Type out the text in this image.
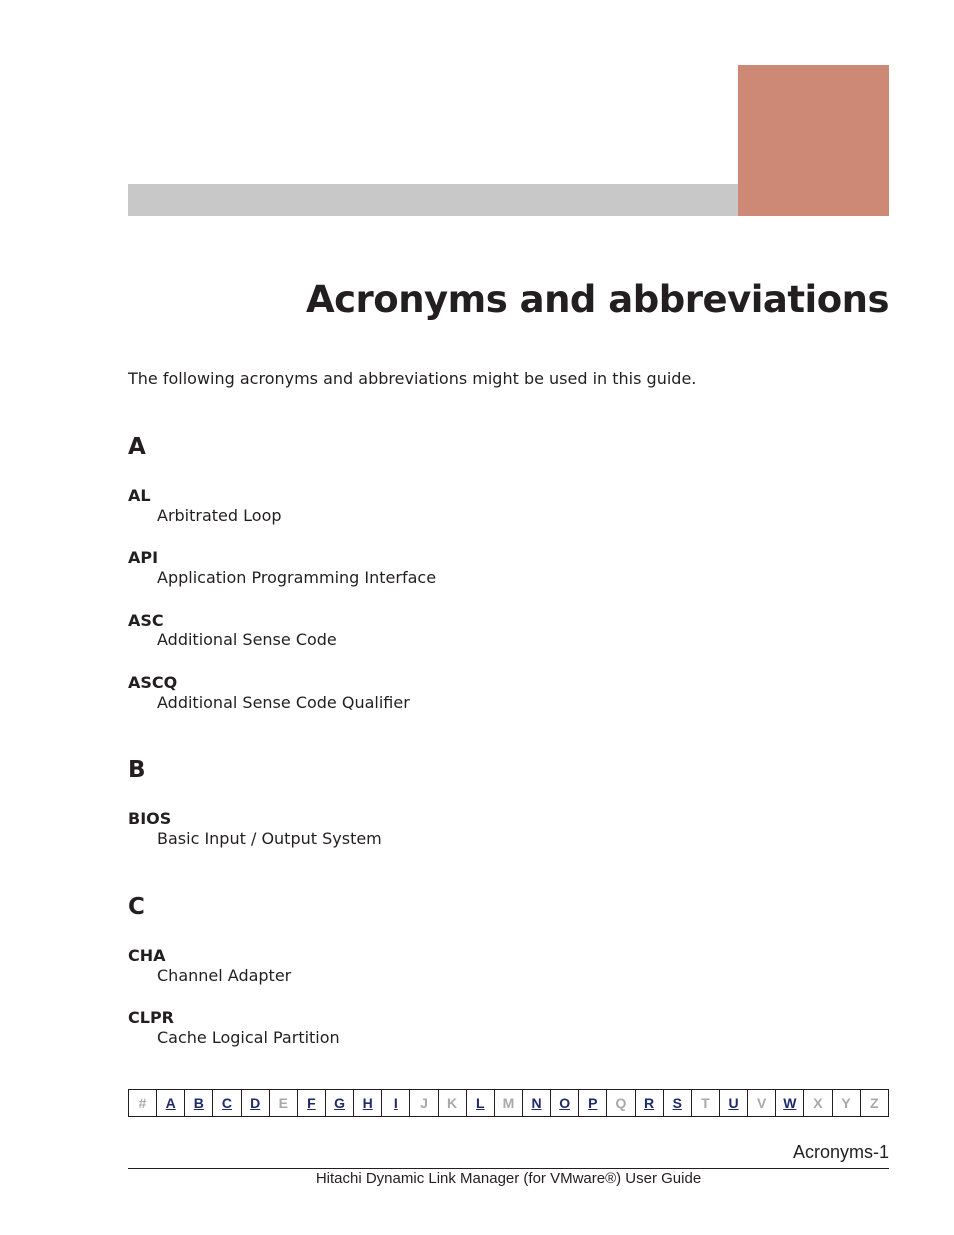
Acronyms and abbreviations

The following acronyms and abbreviations might be used in this guide.

A
AL
Arbitrated Loop
API
Application Programming Interface
ASC
Additional Sense Code
ASCQ
Additional Sense Code Qualifier
B
BIOS
Basic Input / Output System
C
CHA
Channel Adapter
CLPR
Cache Logical Partition
#	A	B	C	D	E	F	G	H	I	J	K	L	M	N	O	P	Q	R	S	T	U	V	W	X	Y	Z
Acronyms-1
Hitachi Dynamic Link Manager (for VMware®) User Guide
